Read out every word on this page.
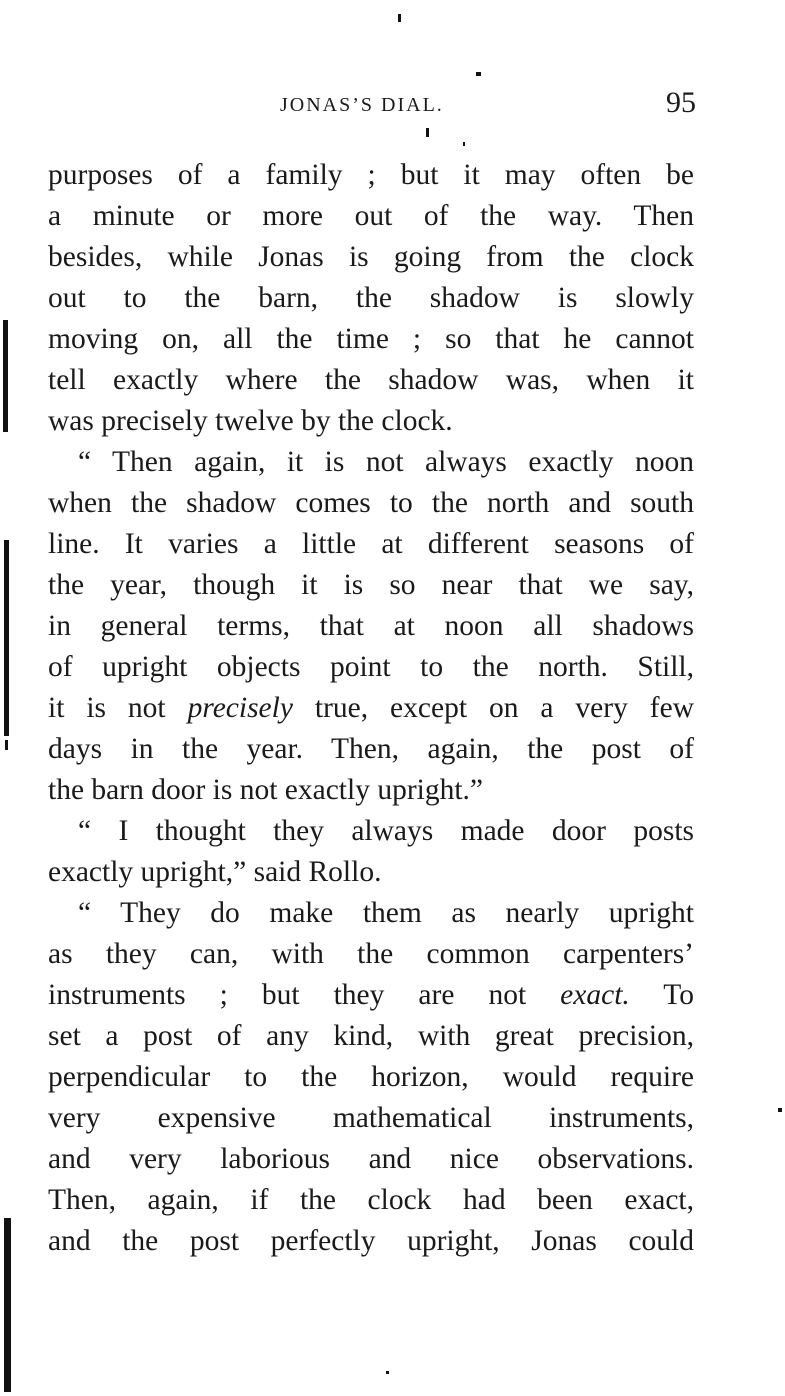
JONAS’S DIAL.	95
purposes of a family ; but it may often be
a minute or more out of the way. Then
besides, while Jonas is going from the clock
out to the barn, the shadow is slowly
moving on, all the time ; so that he cannot
tell exactly where the shadow was, when it
was precisely twelve by the clock.
“ Then again, it is not always exactly noon
when the shadow comes to the north and south
line. It varies a little at different seasons of
the year, though it is so near that we say,
in general terms, that at noon all shadows
of upright objects point to the north. Still,
it is not precisely true, except on a very few
days in the year. Then, again, the post of
the barn door is not exactly upright.”
“ I thought they always made door posts
exactly upright,” said Rollo.
“ They do make them as nearly upright
as they can, with the common carpenters’
instruments ; but they are not exact. To
set a post of any kind, with great precision,
perpendicular to the horizon, would require
very expensive mathematical instruments,
and very laborious and nice observations.
Then, again, if the clock had been exact,
and the post perfectly upright, Jonas could
